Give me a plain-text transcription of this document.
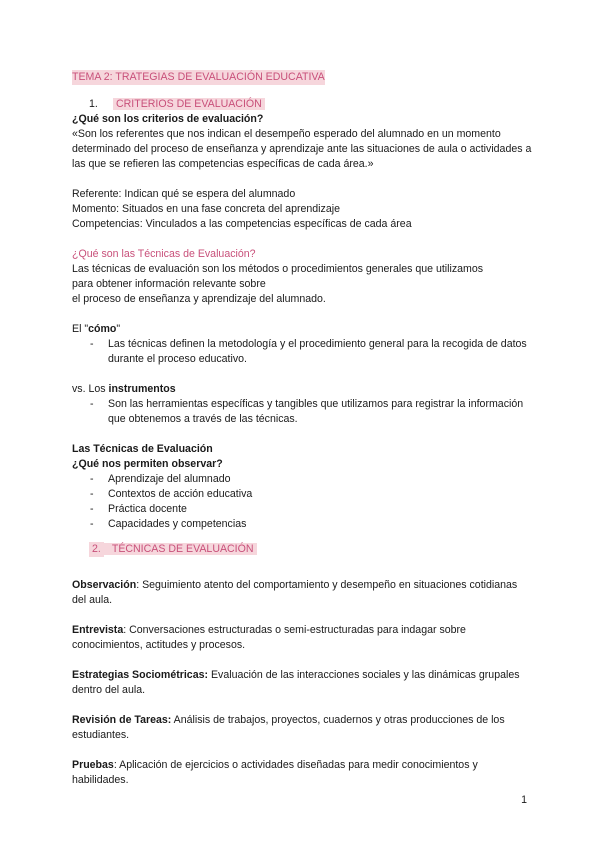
TEMA 2: TRATEGIAS DE EVALUACIÓN EDUCATIVA
1. CRITERIOS DE EVALUACIÓN

¿Qué son los criterios de evaluación?

«Son los referentes que nos indican el desempeño esperado del alumnado en un momento determinado del proceso de enseñanza y aprendizaje ante las situaciones de aula o actividades a las que se refieren las competencias específicas de cada área.»

Referente: Indican qué se espera del alumnado

Momento: Situados en una fase concreta del aprendizaje

Competencias: Vinculados a las competencias específicas de cada área

¿Qué son las Técnicas de Evaluación?

Las técnicas de evaluación son los métodos o procedimientos generales que utilizamos

para obtener información relevante sobre

el proceso de enseñanza y aprendizaje del alumnado.

El "cómo"

- Las técnicas definen la metodología y el procedimiento general para la recogida de datos durante el proceso educativo.

vs. Los instrumentos

- Son las herramientas específicas y tangibles que utilizamos para registrar la información que obtenemos a través de las técnicas.

Las Técnicas de Evaluación

¿Qué nos permiten observar?

- Aprendizaje del alumnado
- Contextos de acción educativa
- Práctica docente
- Capacidades y competencias
2. TÉCNICAS DE EVALUACIÓN

Observación: Seguimiento atento del comportamiento y desempeño en situaciones cotidianas del aula.

Entrevista: Conversaciones estructuradas o semi-estructuradas para indagar sobre conocimientos, actitudes y procesos.

Estrategias Sociométricas: Evaluación de las interacciones sociales y las dinámicas grupales dentro del aula.

Revisión de Tareas: Análisis de trabajos, proyectos, cuadernos y otras producciones de los estudiantes.

Pruebas: Aplicación de ejercicios o actividades diseñadas para medir conocimientos y habilidades.

1
